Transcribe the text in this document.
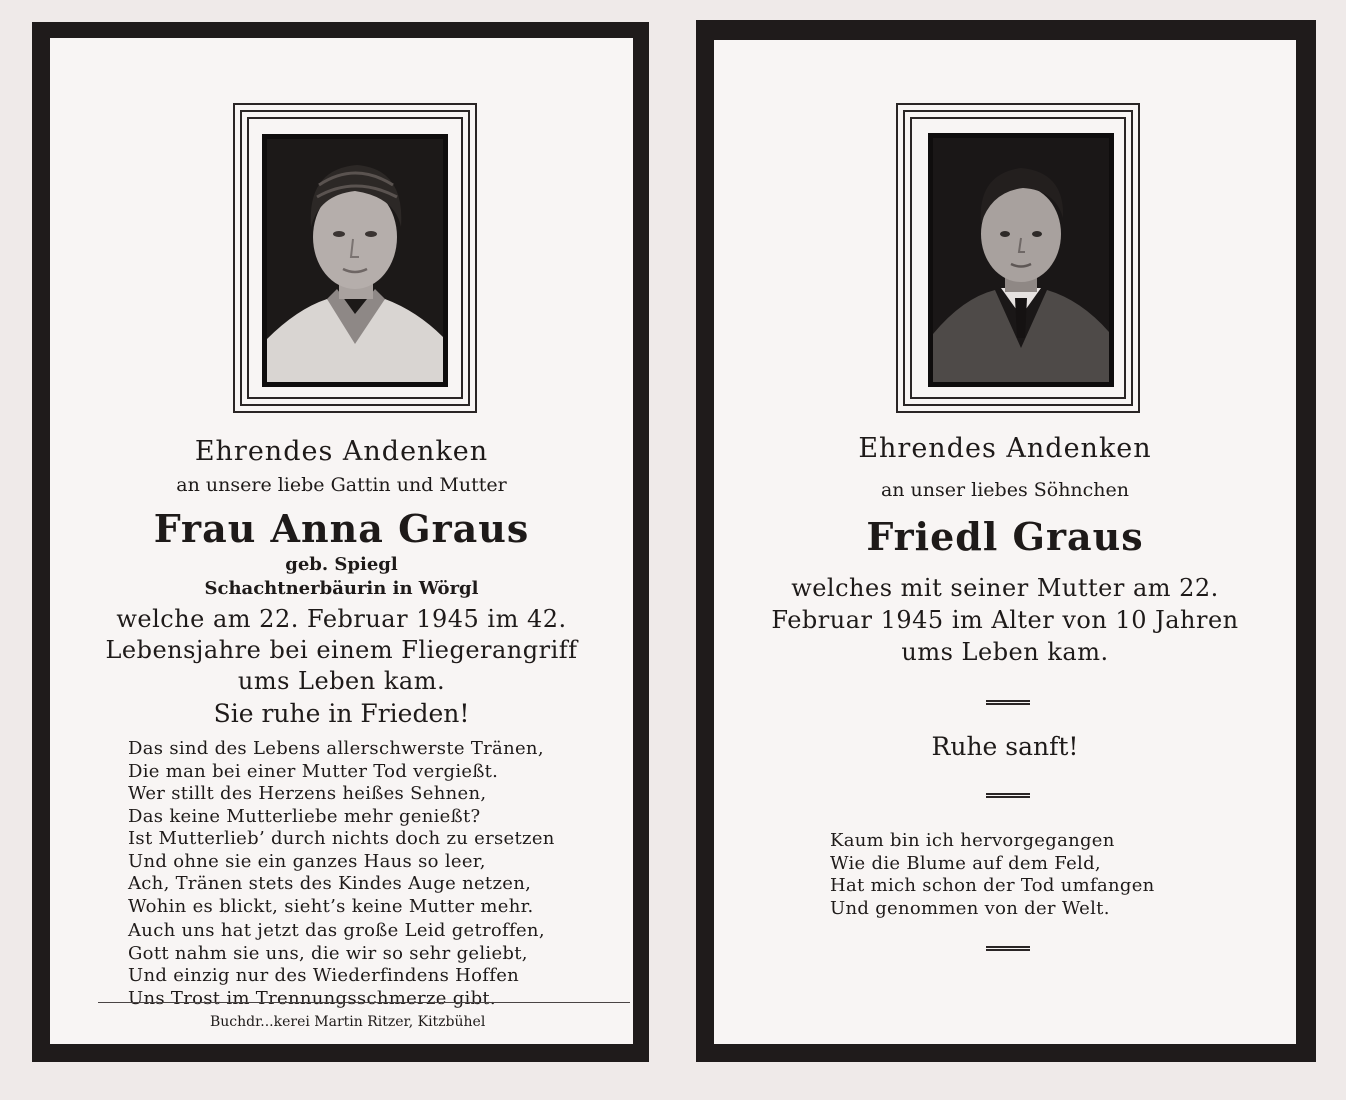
Ehrendes Andenken
an unsere liebe Gattin und Mutter
Frau Anna Graus
geb. Spiegl
Schachtnerbäurin in Wörgl
welche am 22. Februar 1945 im 42.
Lebensjahre bei einem Fliegerangriff
ums Leben kam.
Sie ruhe in Frieden!
Das sind des Lebens allerschwerste Tränen,
Die man bei einer Mutter Tod vergießt.
Wer stillt des Herzens heißes Sehnen,
Das keine Mutterliebe mehr genießt?
Ist Mutterlieb’ durch nichts doch zu ersetzen
Und ohne sie ein ganzes Haus so leer,
Ach, Tränen stets des Kindes Auge netzen,
Wohin es blickt, sieht’s keine Mutter mehr.
Auch uns hat jetzt das große Leid getroffen,
Gott nahm sie uns, die wir so sehr geliebt,
Und einzig nur des Wiederfindens Hoffen
Uns Trost im Trennungsschmerze gibt.
Buchdr...kerei Martin Ritzer, Kitzbühel
Ehrendes Andenken
an unser liebes Söhnchen
Friedl Graus
welches mit seiner Mutter am 22.
Februar 1945 im Alter von 10 Jahren
ums Leben kam.
Ruhe sanft!
Kaum bin ich hervorgegangen
Wie die Blume auf dem Feld,
Hat mich schon der Tod umfangen
Und genommen von der Welt.
